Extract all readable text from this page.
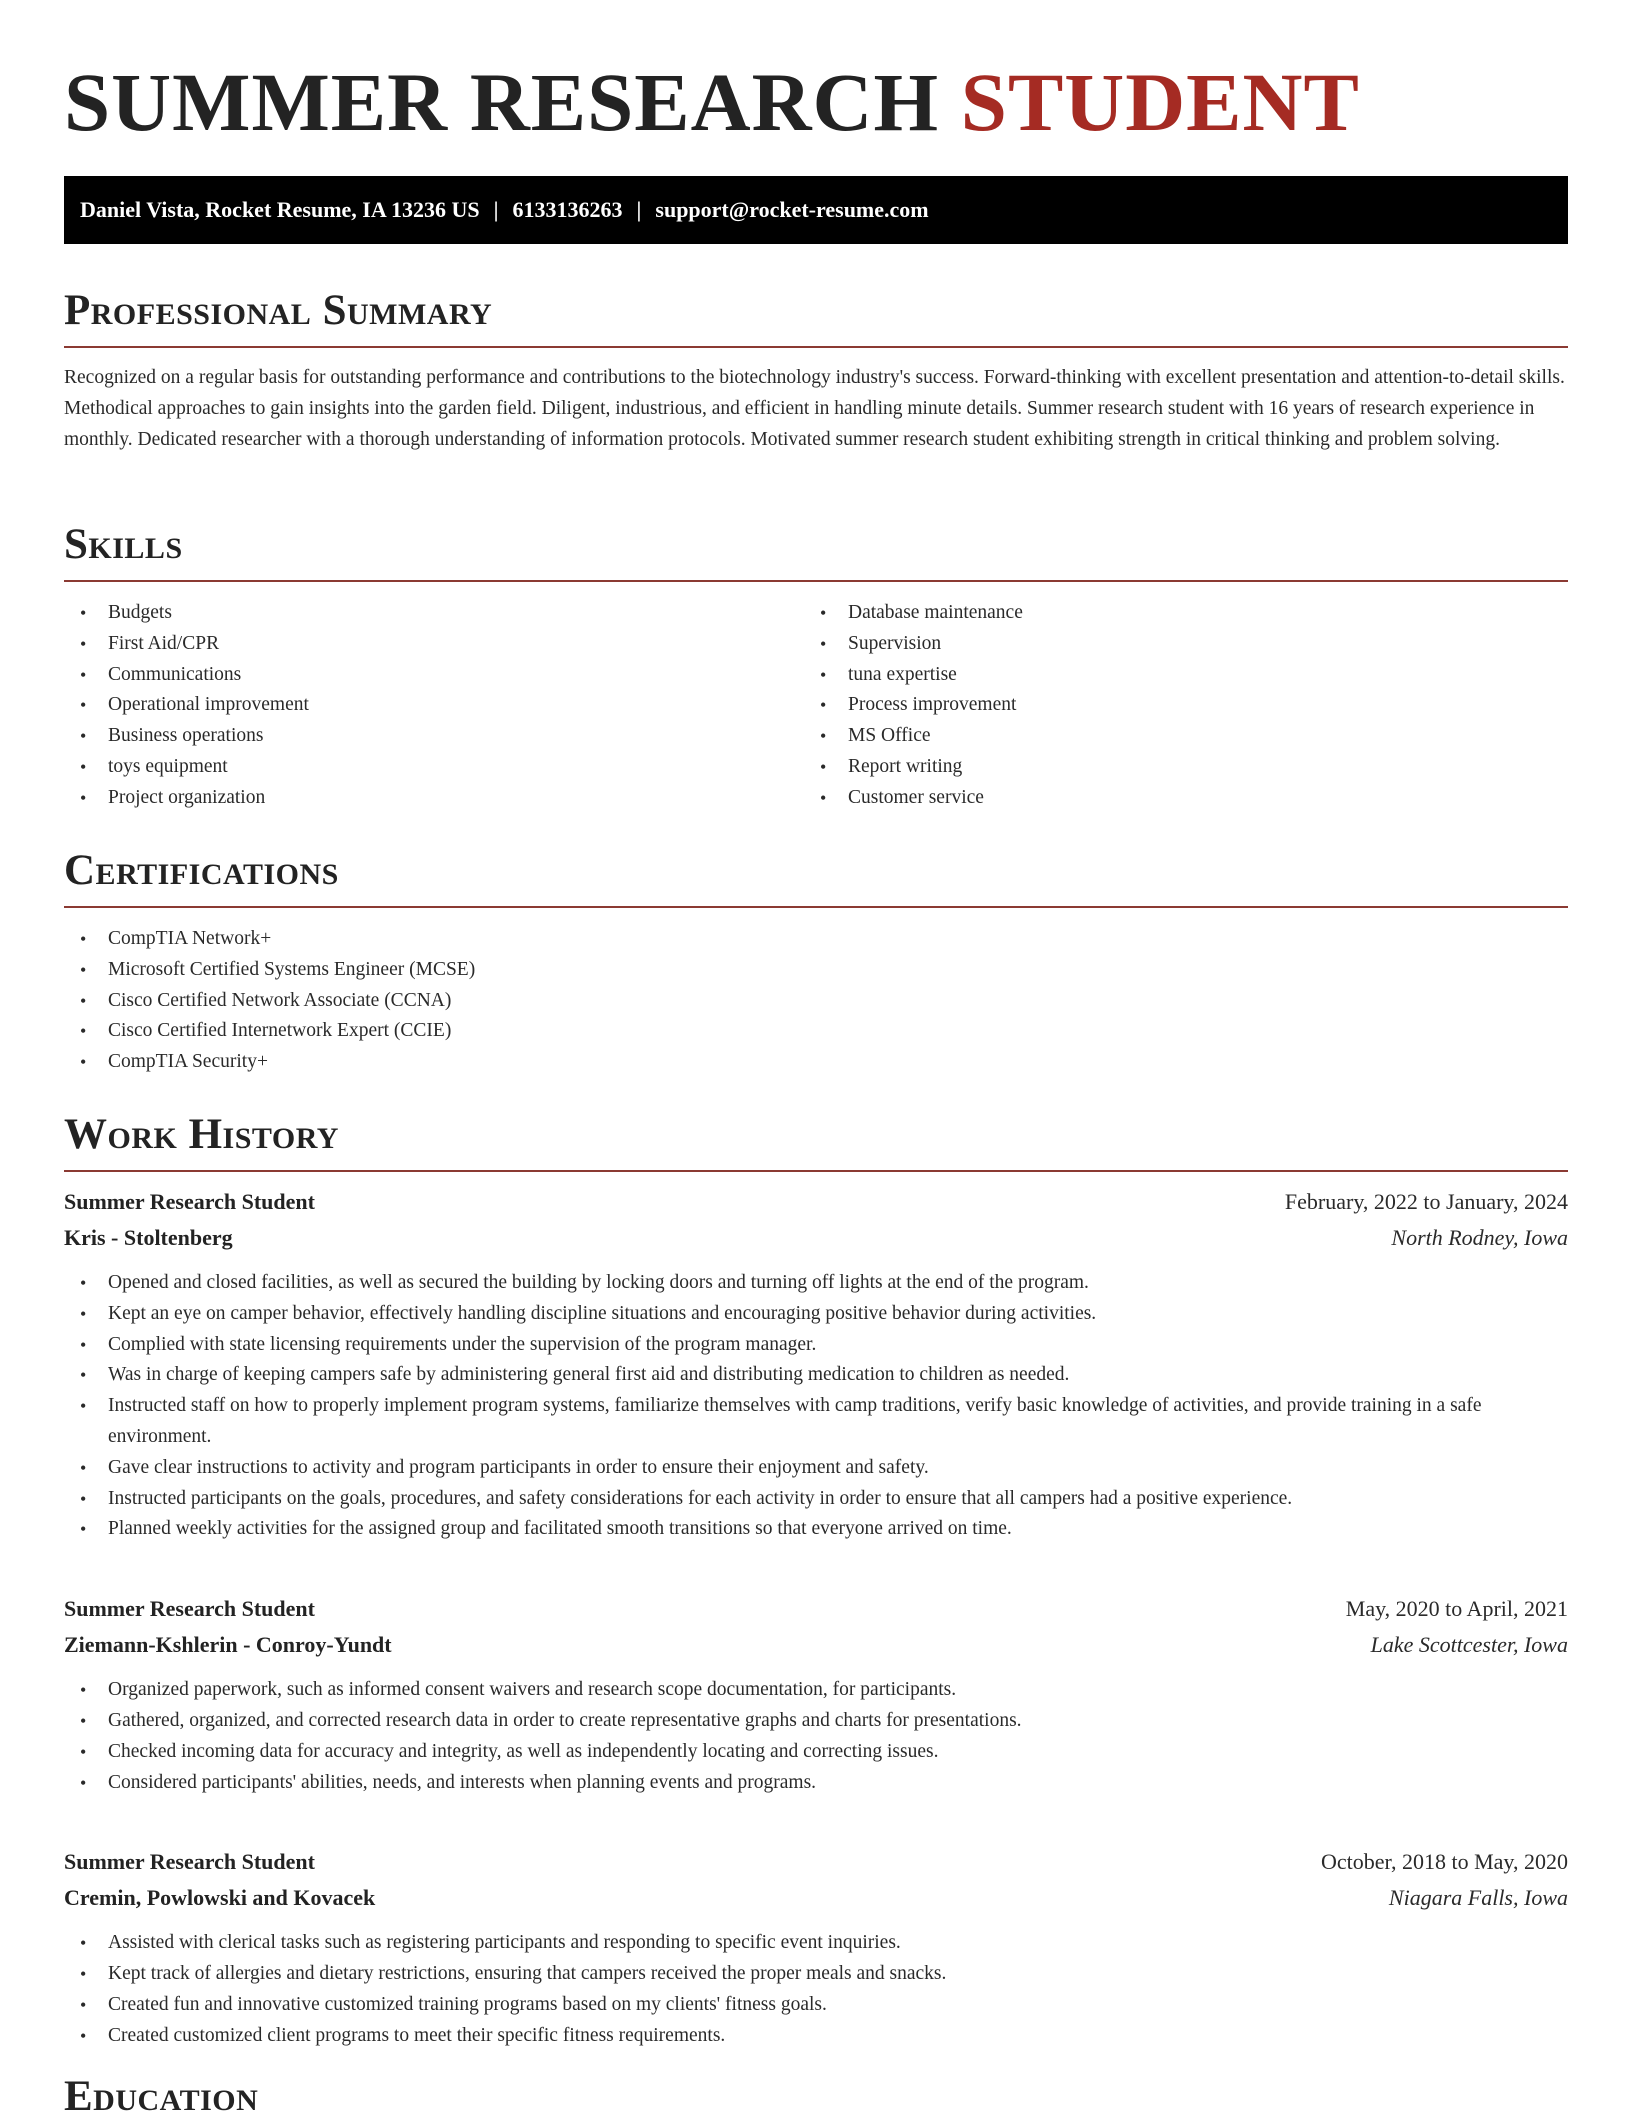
SUMMER RESEARCH STUDENT
Daniel Vista, Rocket Resume, IA 13236 US | 6133136263 | support@rocket-resume.com
Professional Summary

Recognized on a regular basis for outstanding performance and contributions to the biotechnology industry's success. Forward-thinking with excellent presentation and attention-to-detail skills. Methodical approaches to gain insights into the garden field. Diligent, industrious, and efficient in handling minute details. Summer research student with 16 years of research experience in monthly. Dedicated researcher with a thorough understanding of information protocols. Motivated summer research student exhibiting strength in critical thinking and problem solving.

Skills
• Budgets
• First Aid/CPR
• Communications
• Operational improvement
• Business operations
• toys equipment
• Project organization
• Database maintenance
• Supervision
• tuna expertise
• Process improvement
• MS Office
• Report writing
• Customer service
Certifications
• CompTIA Network+
• Microsoft Certified Systems Engineer (MCSE)
• Cisco Certified Network Associate (CCNA)
• Cisco Certified Internetwork Expert (CCIE)
• CompTIA Security+
Work History
Summer Research Student	February, 2022 to January, 2024
Kris - Stoltenberg	North Rodney, Iowa
• Opened and closed facilities, as well as secured the building by locking doors and turning off lights at the end of the program.
• Kept an eye on camper behavior, effectively handling discipline situations and encouraging positive behavior during activities.
• Complied with state licensing requirements under the supervision of the program manager.
• Was in charge of keeping campers safe by administering general first aid and distributing medication to children as needed.
• Instructed staff on how to properly implement program systems, familiarize themselves with camp traditions, verify basic knowledge of activities, and provide training in a safe environment.
• Gave clear instructions to activity and program participants in order to ensure their enjoyment and safety.
• Instructed participants on the goals, procedures, and safety considerations for each activity in order to ensure that all campers had a positive experience.
• Planned weekly activities for the assigned group and facilitated smooth transitions so that everyone arrived on time.
Summer Research Student	May, 2020 to April, 2021
Ziemann-Kshlerin - Conroy-Yundt	Lake Scottcester, Iowa
• Organized paperwork, such as informed consent waivers and research scope documentation, for participants.
• Gathered, organized, and corrected research data in order to create representative graphs and charts for presentations.
• Checked incoming data for accuracy and integrity, as well as independently locating and correcting issues.
• Considered participants' abilities, needs, and interests when planning events and programs.
Summer Research Student	October, 2018 to May, 2020
Cremin, Powlowski and Kovacek	Niagara Falls, Iowa
• Assisted with clerical tasks such as registering participants and responding to specific event inquiries.
• Kept track of allergies and dietary restrictions, ensuring that campers received the proper meals and snacks.
• Created fun and innovative customized training programs based on my clients' fitness goals.
• Created customized client programs to meet their specific fitness requirements.
Education
